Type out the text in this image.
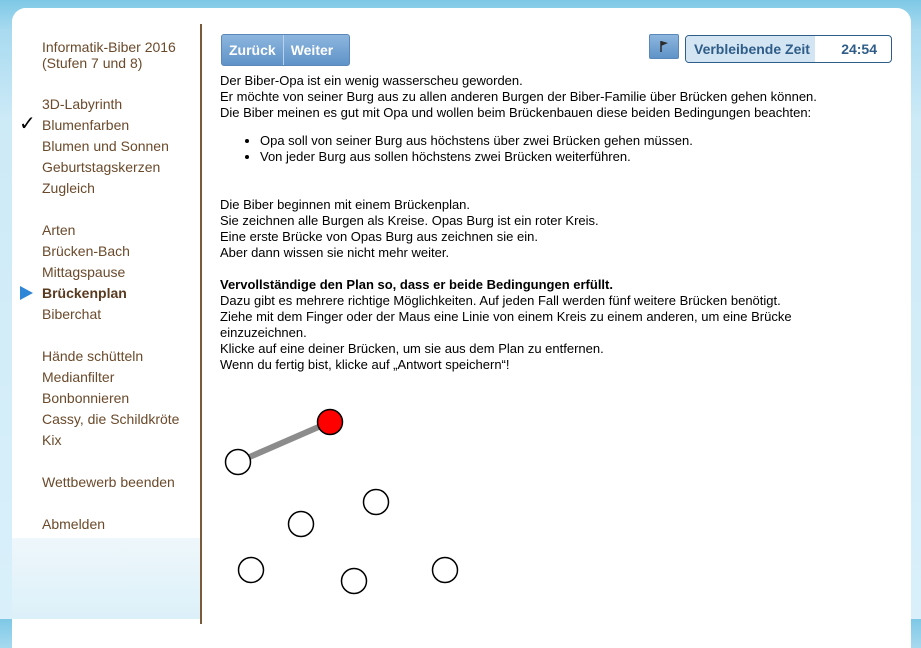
Informatik-Biber 2016
(Stufen 7 und 8)
3D-Labyrinth
Blumenfarben
Blumen und Sonnen
Geburtstagskerzen
Zugleich
Arten
Brücken-Bach
Mittagspause
Brückenplan
Biberchat
Hände schütteln
Medianfilter
Bonbonnieren
Cassy, die Schildkröte
Kix
Wettbewerb beenden
Abmelden
✓
Zurück	Weiter	Verbleibende Zeit 24:54

Der Biber-Opa ist ein wenig wasserscheu geworden.

Er möchte von seiner Burg aus zu allen anderen Burgen der Biber-Familie über Brücken gehen können.

Die Biber meinen es gut mit Opa und wollen beim Brückenbauen diese beiden Bedingungen beachten:

• Opa soll von seiner Burg aus höchstens über zwei Brücken gehen müssen.
• Von jeder Burg aus sollen höchstens zwei Brücken weiterführen.

Die Biber beginnen mit einem Brückenplan.

Sie zeichnen alle Burgen als Kreise. Opas Burg ist ein roter Kreis.

Eine erste Brücke von Opas Burg aus zeichnen sie ein.

Aber dann wissen sie nicht mehr weiter.

Vervollständige den Plan so, dass er beide Bedingungen erfüllt.

Dazu gibt es mehrere richtige Möglichkeiten. Auf jeden Fall werden fünf weitere Brücken benötigt.

Ziehe mit dem Finger oder der Maus eine Linie von einem Kreis zu einem anderen, um eine Brücke einzuzeichnen.

Klicke auf eine deiner Brücken, um sie aus dem Plan zu entfernen.

Wenn du fertig bist, klicke auf „Antwort speichern“!
